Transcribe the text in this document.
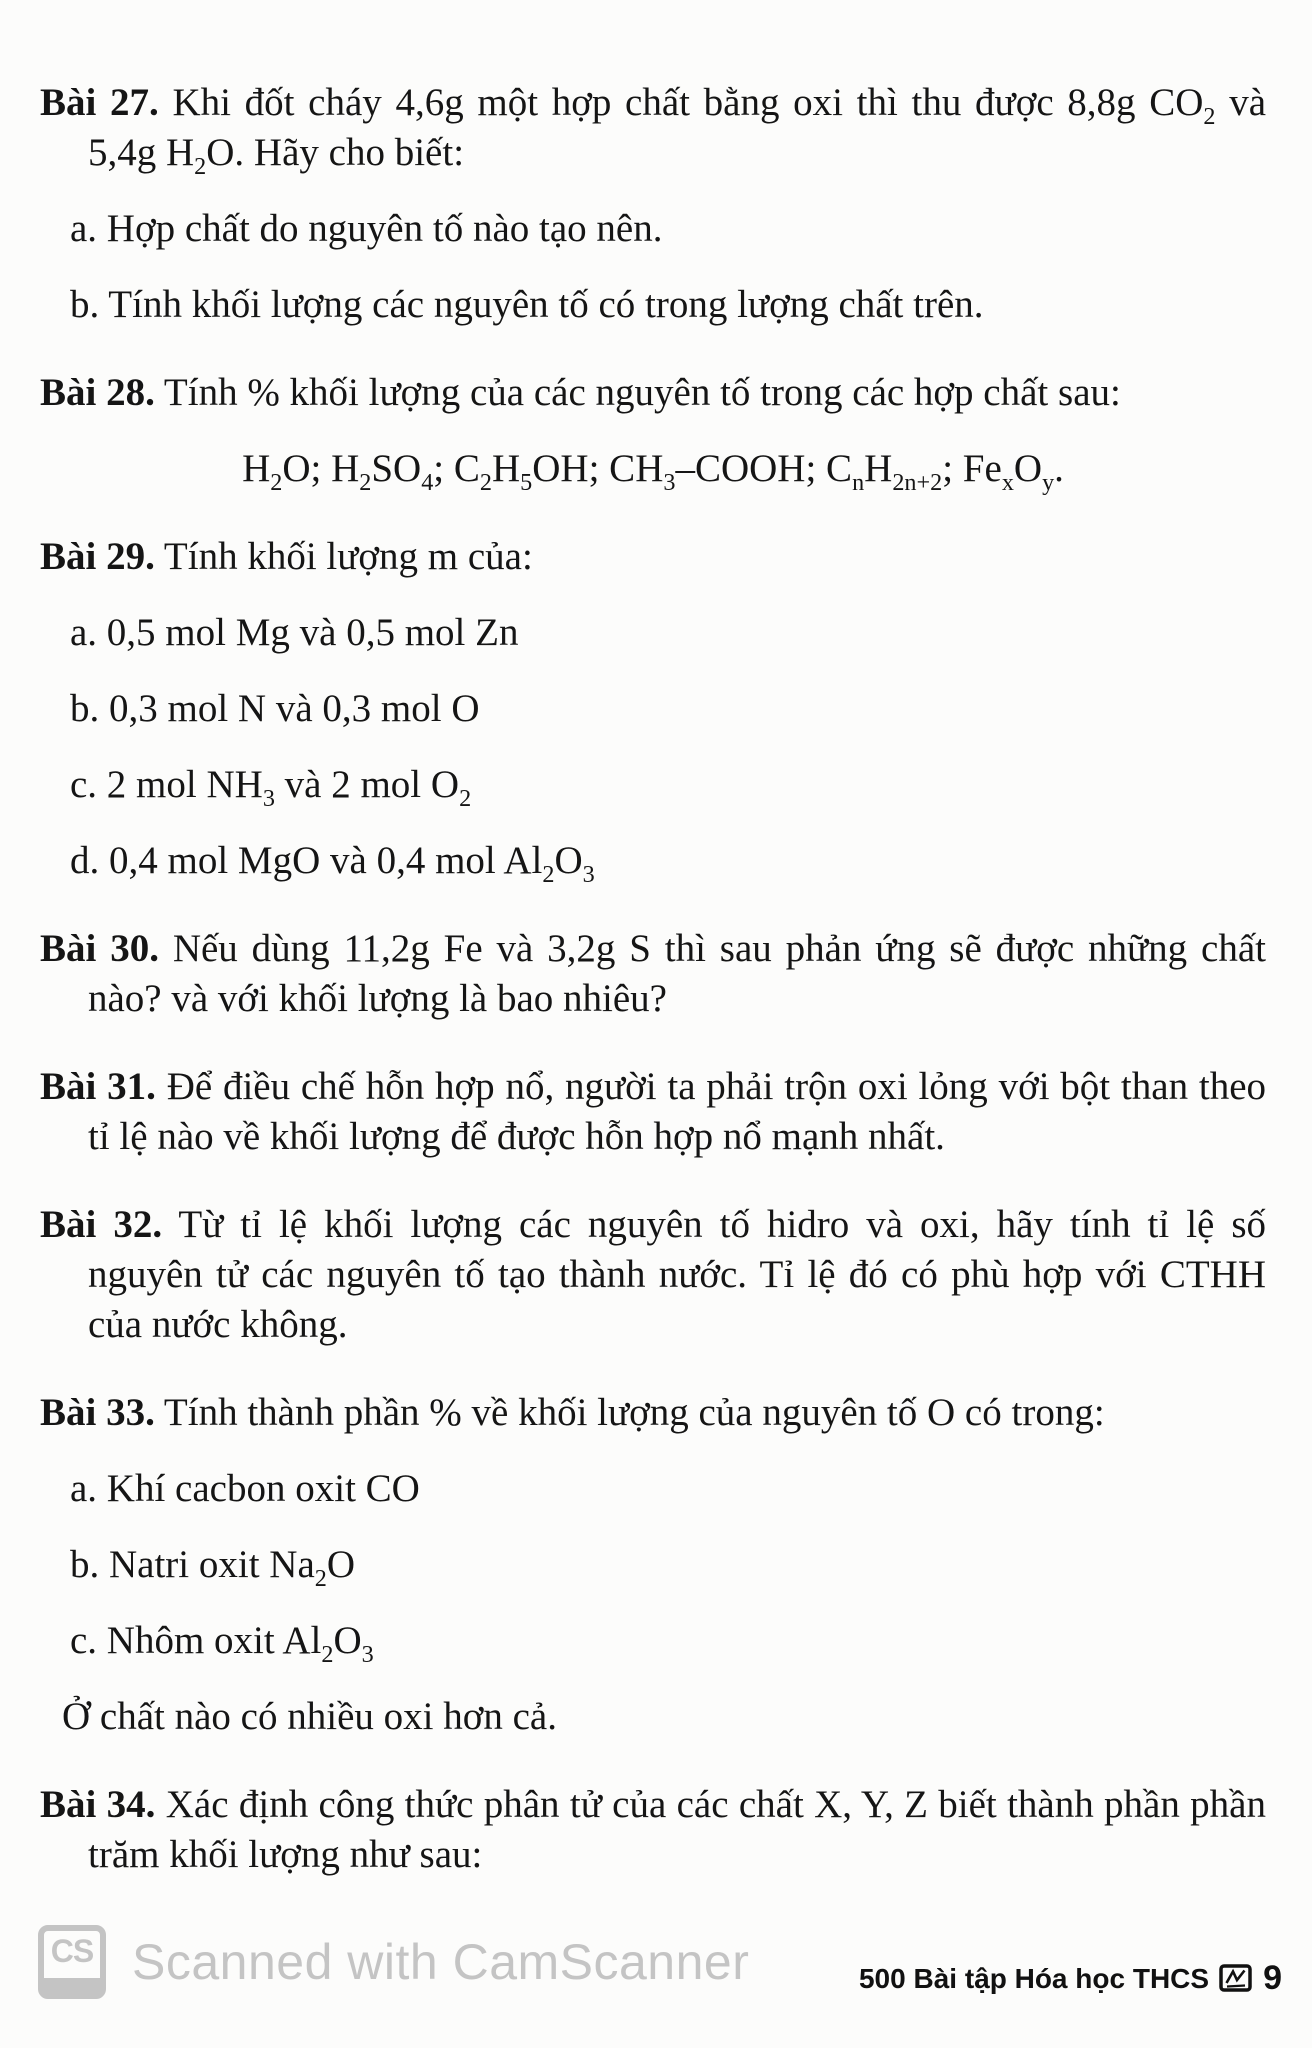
Bài 27. Khi đốt cháy 4,6g một hợp chất bằng oxi thì thu được 8,8g $CO_2$ và 5,4g $H_2O$. Hãy cho biết:

a. Hợp chất do nguyên tố nào tạo nên.

b. Tính khối lượng các nguyên tố có trong lượng chất trên.

Bài 28. Tính % khối lượng của các nguyên tố trong các hợp chất sau:

$H_2O$; $H_2SO_4$; $C_2H_5OH$; $CH_3$–COOH; $C_nH_{2n+2}$; $Fe_xO_y$.

Bài 29. Tính khối lượng m của:

a. 0,5 mol Mg và 0,5 mol Zn

b. 0,3 mol N và 0,3 mol O

c. 2 mol $NH_3$ và 2 mol $O_2$

d. 0,4 mol MgO và 0,4 mol $Al_2O_3$

Bài 30. Nếu dùng 11,2g Fe và 3,2g S thì sau phản ứng sẽ được những chất nào? và với khối lượng là bao nhiêu?

Bài 31. Để điều chế hỗn hợp nổ, người ta phải trộn oxi lỏng với bột than theo tỉ lệ nào về khối lượng để được hỗn hợp nổ mạnh nhất.

Bài 32. Từ tỉ lệ khối lượng các nguyên tố hidro và oxi, hãy tính tỉ lệ số nguyên tử các nguyên tố tạo thành nước. Tỉ lệ đó có phù hợp với CTHH của nước không.

Bài 33. Tính thành phần % về khối lượng của nguyên tố O có trong:

a. Khí cacbon oxit CO

b. Natri oxit $Na_2O$

c. Nhôm oxit $Al_2O_3$

Ở chất nào có nhiều oxi hơn cả.

Bài 34. Xác định công thức phân tử của các chất X, Y, Z biết thành phần phần trăm khối lượng như sau:

CS Scanned with CamScanner	500 Bài tập Hóa học THCS 9
